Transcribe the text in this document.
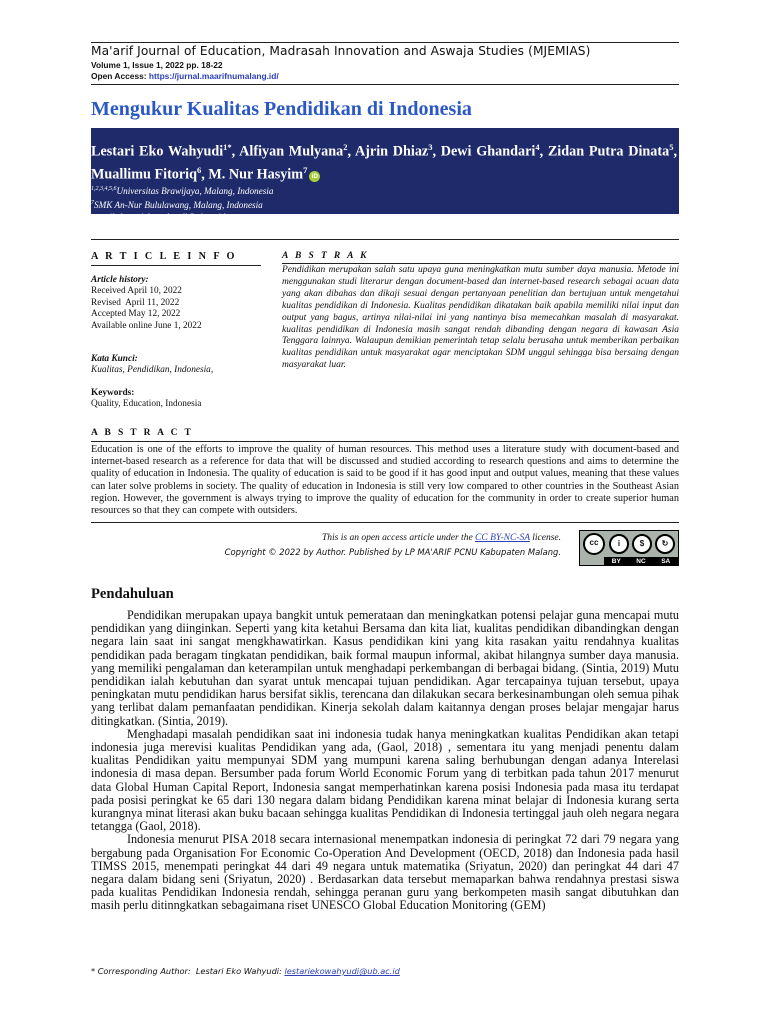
Ma'arif Journal of Education, Madrasah Innovation and Aswaja Studies (MJEMIAS)
Volume 1, Issue 1, 2022 pp. 18-22
Open Access: https://jurnal.maarifnumalang.id/
Mengukur Kualitas Pendidikan di Indonesia
Lestari Eko Wahyudi$^{1*}$, Alfiyan Mulyana$^2$, Ajrin Dhiaz$^3$, Dewi Ghandari$^4$, Zidan Putra Dinata$^5$, Muallimu Fitoriq$^6$, M. Nur Hasyim$^7$iD
$^{1,2,3,4,5,6}$Universitas Brawijaya, Malang, Indonesia
$^7$SMK An-Nur Bululawang, Malang, Indonesia
e-mail: lestariekowahyudi@ub.ac.id
A R T I C L E I N F O
Article history:
Received April 10, 2022
Revised  April 11, 2022
Accepted May 12, 2022
Available online June 1, 2022
Kata Kunci:
Kualitas, Pendidikan, Indonesia,
Keywords:
Quality, Education, Indonesia
A B S T R A K
Pendidikan merupakan salah satu upaya guna meningkatkan mutu sumber daya manusia. Metode ini menggunakan studi literarur dengan document-based dan internet-based research sebagai acuan data yang akan dibahas dan dikaji sesuai dengan pertanyaan penelitian dan bertujuan untuk mengetahui kualitas pendidikan di Indonesia. Kualitas pendidikan dikatakan baik apabila memiliki nilai input dan output yang bagus, artinya nilai-nilai ini yang nantinya bisa memecahkan masalah di masyarakat. kualitas pendidikan di Indonesia masih sangat rendah dibanding dengan negara di kawasan Asia Tenggara lainnya. Walaupun demikian pemerintah tetap selalu berusaha untuk memberikan perbaikan kualitas pendidikan untuk masyarakat agar menciptakan SDM unggul sehingga bisa bersaing dengan masyarakat luar.
A B S T R A C T
Education is one of the efforts to improve the quality of human resources. This method uses a literature study with document-based and internet-based research as a reference for data that will be discussed and studied according to research questions and aims to determine the quality of education in Indonesia. The quality of education is said to be good if it has good input and output values, meaning that these values can later solve problems in society. The quality of education in Indonesia is still very low compared to other countries in the Southeast Asian region. However, the government is always trying to improve the quality of education for the community in order to create superior human resources so that they can compete with outsiders.
This is an open access article under the CC BY-NC-SA license.
Copyright © 2022 by Author. Published by LP MA'ARIF PCNU Kabupaten Malang.
cc	i	$	↻
BY NC SA
Pendahuluan

Pendidikan merupakan upaya bangkit untuk pemerataan dan meningkatkan potensi pelajar guna mencapai mutu pendidikan yang diinginkan. Seperti yang kita ketahui Bersama dan kita liat, kualitas pendidikan dibandingkan dengan negara lain saat ini sangat mengkhawatirkan. Kasus pendidikan kini yang kita rasakan yaitu rendahnya kualitas pendidikan pada beragam tingkatan pendidikan, baik formal maupun informal, akibat hilangnya sumber daya manusia. yang memiliki pengalaman dan keterampilan untuk menghadapi perkembangan di berbagai bidang. (Sintia, 2019) Mutu pendidikan ialah kebutuhan dan syarat untuk mencapai tujuan pendidikan. Agar tercapainya tujuan tersebut, upaya peningkatan mutu pendidikan harus bersifat siklis, terencana dan dilakukan secara berkesinambungan oleh semua pihak yang terlibat dalam pemanfaatan pendidikan. Kinerja sekolah dalam kaitannya dengan proses belajar mengajar harus ditingkatkan. (Sintia, 2019).

Menghadapi masalah pendidikan saat ini indonesia tudak hanya meningkatkan kualitas Pendidikan akan tetapi indonesia juga merevisi kualitas Pendidikan yang ada, (Gaol, 2018) , sementara itu yang menjadi penentu dalam kualitas Pendidikan yaitu mempunyai SDM yang mumpuni karena saling berhubungan dengan adanya Interelasi indonesia di masa depan. Bersumber pada forum World Economic Forum yang di terbitkan pada tahun 2017 menurut data Global Human Capital Report, Indonesia sangat memperhatinkan karena posisi Indonesia pada masa itu terdapat pada posisi peringkat ke 65 dari 130 negara dalam bidang Pendidikan karena minat belajar di Indonesia kurang serta kurangnya minat literasi akan buku bacaan sehingga kualitas Pendidikan di Indonesia tertinggal jauh oleh negara negara tetangga (Gaol, 2018).

Indonesia menurut PISA 2018 secara internasional menempatkan indonesia di peringkat 72 dari 79 negara yang bergabung pada Organisation For Economic Co-Operation And Development (OECD, 2018) dan Indonesia pada hasil TIMSS 2015, menempati peringkat 44 dari 49 negara untuk matematika (Sriyatun, 2020) dan peringkat 44 dari 47 negara dalam bidang seni (Sriyatun, 2020) . Berdasarkan data tersebut memaparkan bahwa rendahnya prestasi siswa pada kualitas Pendidikan Indonesia rendah, sehingga peranan guru yang berkompeten masih sangat dibutuhkan dan masih perlu ditinngkatkan sebagaimana riset UNESCO Global Education Monitoring (GEM)

* Corresponding Author:  Lestari Eko Wahyudi: lestariekowahyudi@ub.ac.id
